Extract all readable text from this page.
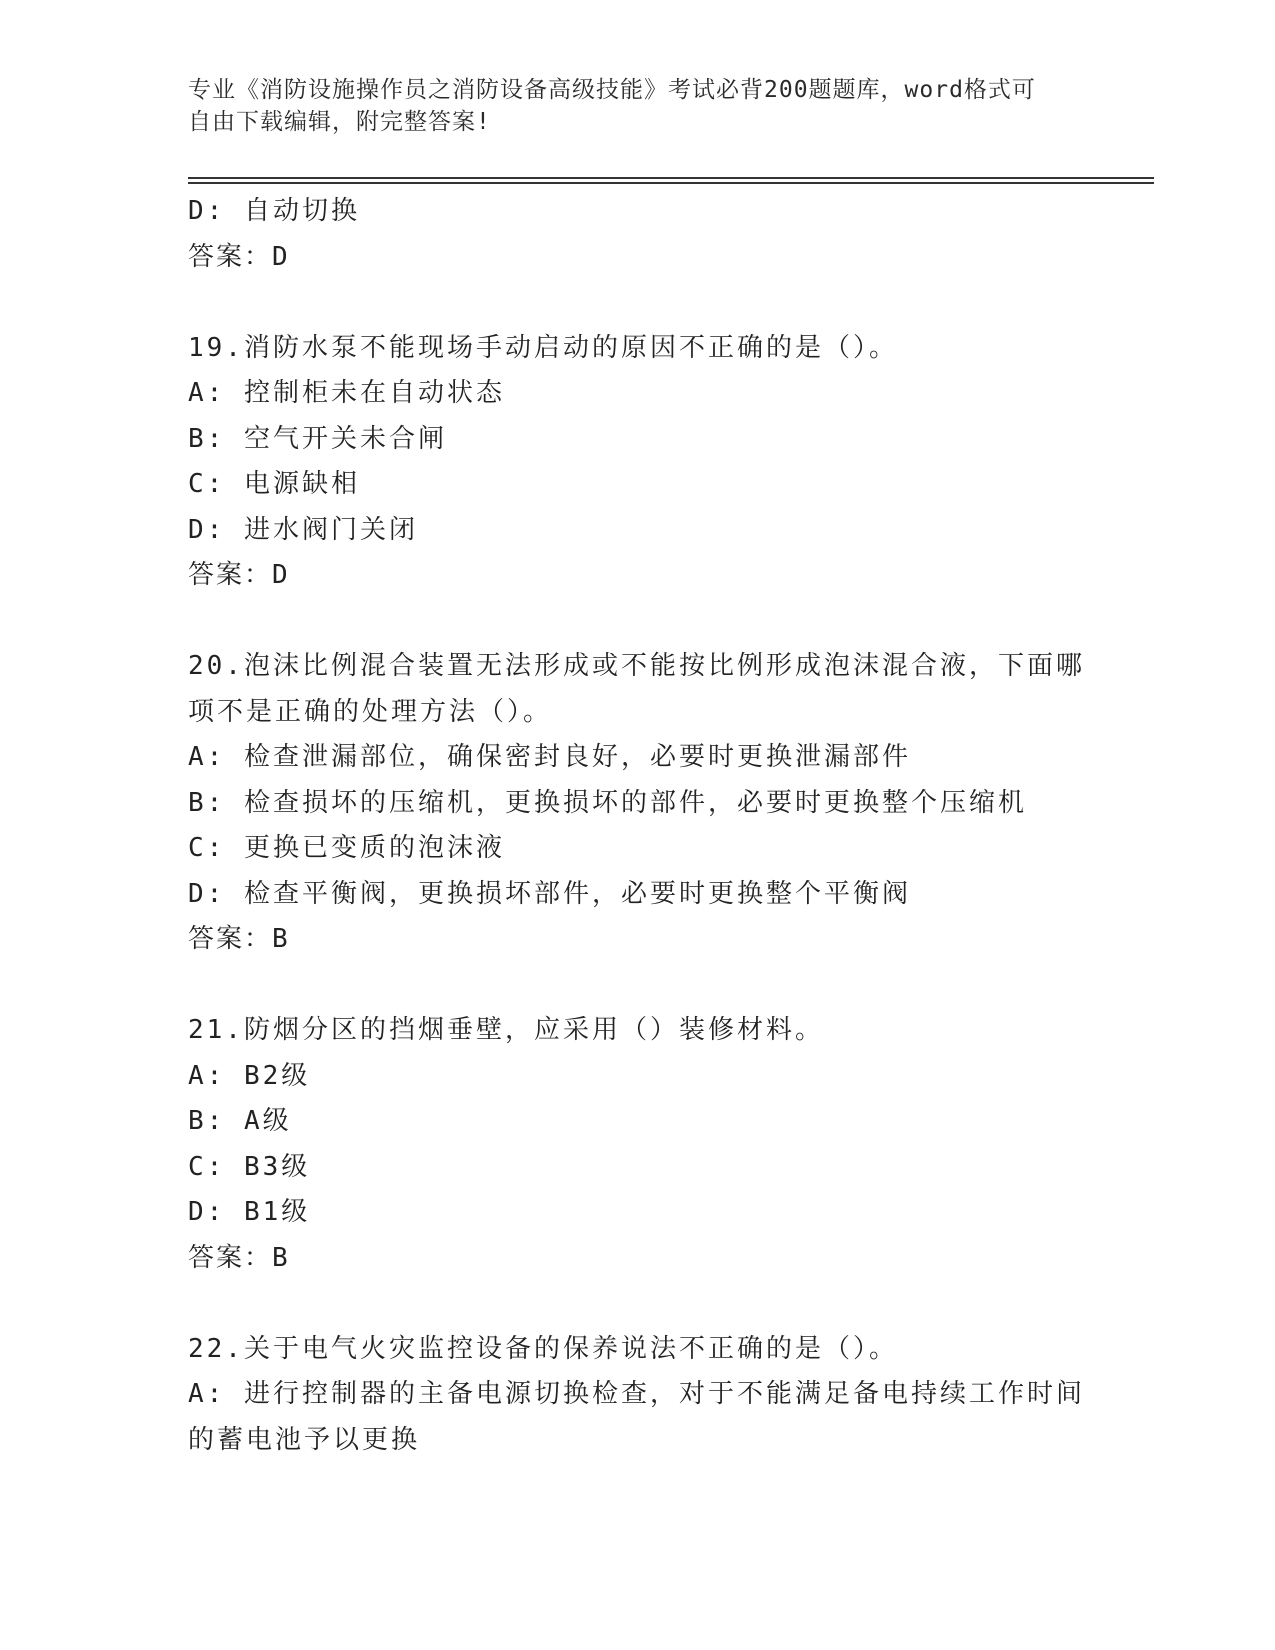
专业《消防设施操作员之消防设备高级技能》考试必背200题题库，word格式可
自由下载编辑，附完整答案!
D: 自动切换
答案：D
19.消防水泵不能现场手动启动的原因不正确的是（）。
A: 控制柜未在自动状态
B: 空气开关未合闸
C: 电源缺相
D: 进水阀门关闭
答案：D
20.泡沫比例混合装置无法形成或不能按比例形成泡沫混合液，下面哪
项不是正确的处理方法（）。
A: 检查泄漏部位，确保密封良好，必要时更换泄漏部件
B: 检查损坏的压缩机，更换损坏的部件，必要时更换整个压缩机
C: 更换已变质的泡沫液
D: 检查平衡阀，更换损坏部件，必要时更换整个平衡阀
答案：B
21.防烟分区的挡烟垂壁，应采用（）装修材料。
A: B2级
B: A级
C: B3级
D: B1级
答案：B
22.关于电气火灾监控设备的保养说法不正确的是（）。
A: 进行控制器的主备电源切换检查，对于不能满足备电持续工作时间
的蓄电池予以更换
